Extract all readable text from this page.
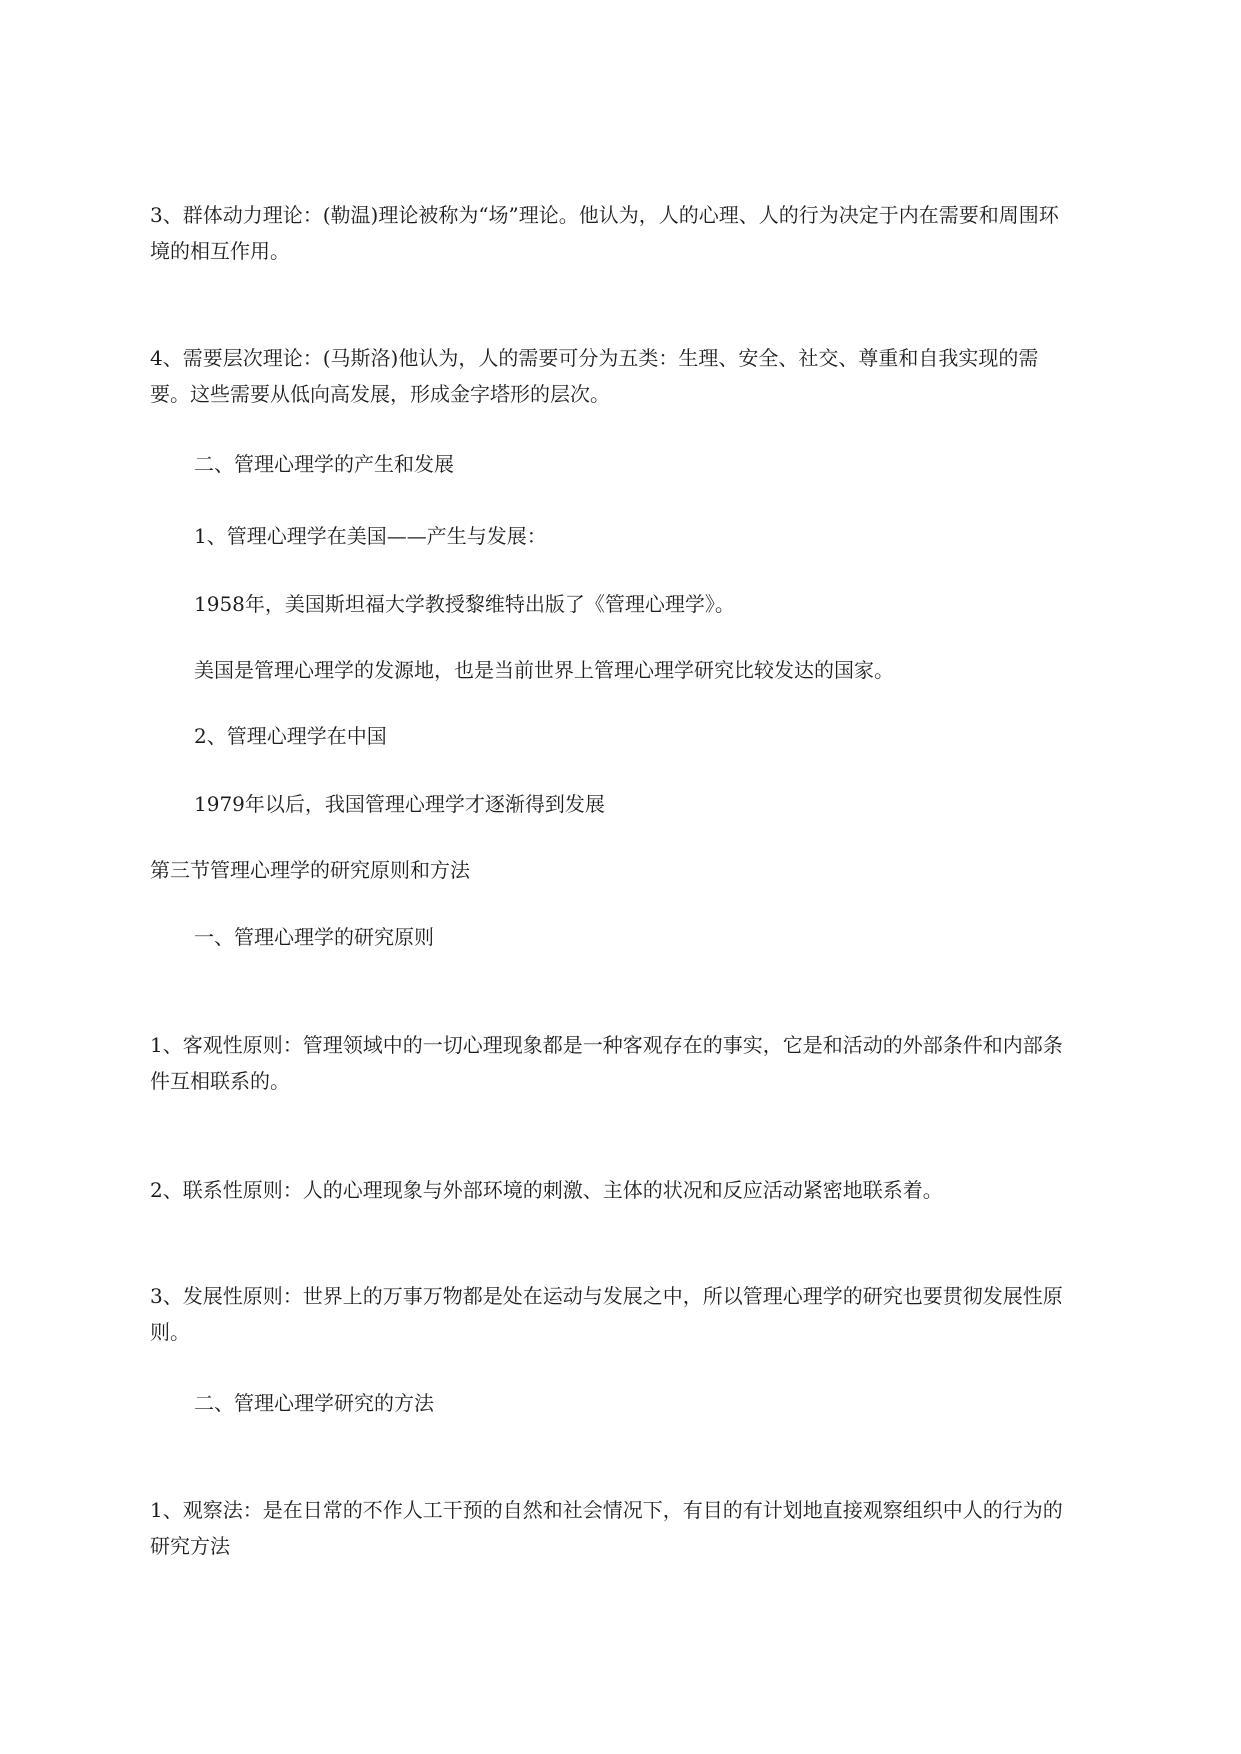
3、群体动力理论：(勒温)理论被称为“场”理论。他认为，人的心理、人的行为决定于内在需要和周围环境的相互作用。

4、需要层次理论：(马斯洛)他认为，人的需要可分为五类：生理、安全、社交、尊重和自我实现的需要。这些需要从低向高发展，形成金字塔形的层次。

二、管理心理学的产生和发展

1、管理心理学在美国——产生与发展：

1958年，美国斯坦福大学教授黎维特出版了《管理心理学》。

美国是管理心理学的发源地，也是当前世界上管理心理学研究比较发达的国家。

2、管理心理学在中国

1979年以后，我国管理心理学才逐渐得到发展

第三节管理心理学的研究原则和方法

一、管理心理学的研究原则

1、客观性原则：管理领域中的一切心理现象都是一种客观存在的事实，它是和活动的外部条件和内部条件互相联系的。

2、联系性原则：人的心理现象与外部环境的刺激、主体的状况和反应活动紧密地联系着。

3、发展性原则：世界上的万事万物都是处在运动与发展之中，所以管理心理学的研究也要贯彻发展性原则。

二、管理心理学研究的方法

1、观察法：是在日常的不作人工干预的自然和社会情况下，有目的有计划地直接观察组织中人的行为的研究方法
